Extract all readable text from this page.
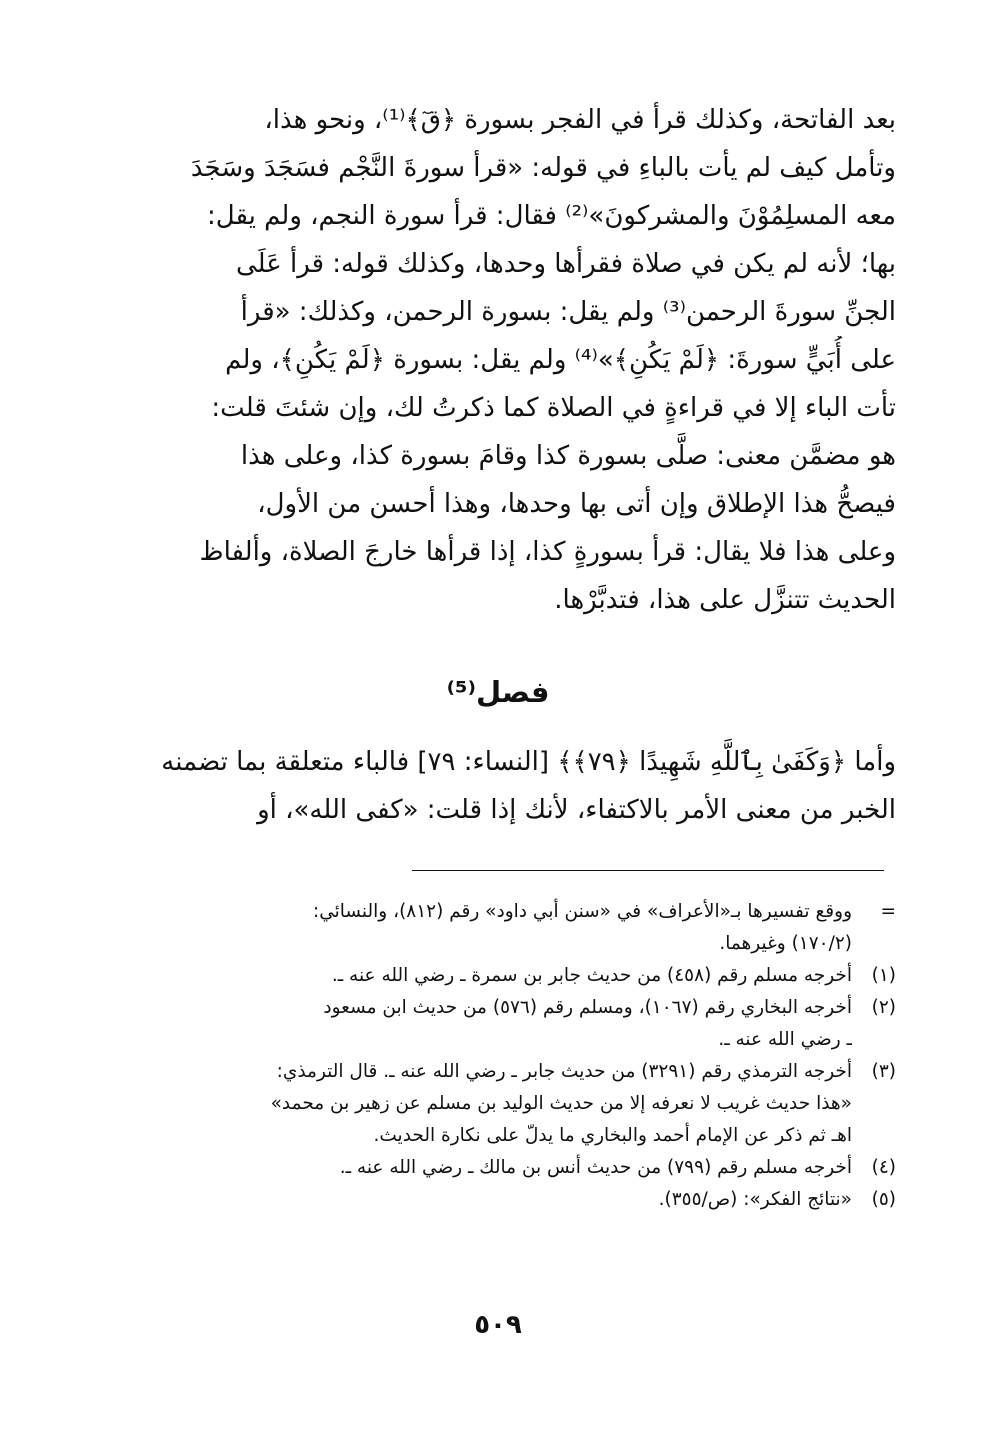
بعد الفاتحة، وكذلك قرأ في الفجر بسورة ﴿قٓ﴾⁽¹⁾، ونحو هذا،
وتأمل كيف لم يأت بالباءِ في قوله: «قرأ سورةَ النَّجْم فسَجَدَ وسَجَدَ
معه المسلِمُوْنَ والمشركونَ»⁽²⁾ فقال: قرأ سورة النجم، ولم يقل:
بها؛ لأنه لم يكن في صلاة فقرأها وحدها، وكذلك قوله: قرأ عَلَى
الجنِّ سورةَ الرحمن⁽³⁾ ولم يقل: بسورة الرحمن، وكذلك: «قرأ
على أُبَيٍّ سورةَ: ﴿لَمْ يَكُنِ﴾»⁽⁴⁾ ولم يقل: بسورة ﴿لَمْ يَكُنِ﴾، ولم
تأت الباء إلا في قراءةٍ في الصلاة كما ذكرتُ لك، وإن شئتَ قلت:
هو مضمَّن معنى: صلَّى بسورة كذا وقامَ بسورة كذا، وعلى هذا
فيصحُّ هذا الإطلاق وإن أتى بها وحدها، وهذا أحسن من الأول،
وعلى هذا فلا يقال: قرأ بسورةٍ كذا، إذا قرأها خارجَ الصلاة، وألفاظ
الحديث تتنزَّل على هذا، فتدبَّرْها.
فصل⁽⁵⁾
وأما ﴿وَكَفَىٰ بِٱللَّهِ شَهِيدًا ﴿٧٩﴾﴾ [النساء: ٧٩] فالباء متعلقة بما تضمنه
الخبر من معنى الأمر بالاكتفاء، لأنك إذا قلت: «كفى الله»، أو
=
ووقع تفسيرها بـ«الأعراف» في «سنن أبي داود» رقم (٨١٢)، والنسائي:
(١٧٠/٢) وغيرهما.
(١)
أخرجه مسلم رقم (٤٥٨) من حديث جابر بن سمرة ـ رضي الله عنه ـ.
(٢)
أخرجه البخاري رقم (١٠٦٧)، ومسلم رقم (٥٧٦) من حديث ابن مسعود
ـ رضي الله عنه ـ.
(٣)
أخرجه الترمذي رقم (٣٢٩١) من حديث جابر ـ رضي الله عنه ـ. قال الترمذي:
«هذا حديث غريب لا نعرفه إلا من حديث الوليد بن مسلم عن زهير بن محمد»
اهـ ثم ذكر عن الإمام أحمد والبخاري ما يدلّ على نكارة الحديث.
(٤)
أخرجه مسلم رقم (٧٩٩) من حديث أنس بن مالك ـ رضي الله عنه ـ.
(٥)
«نتائج الفكر»: (ص/٣٥٥).
٥٠٩
